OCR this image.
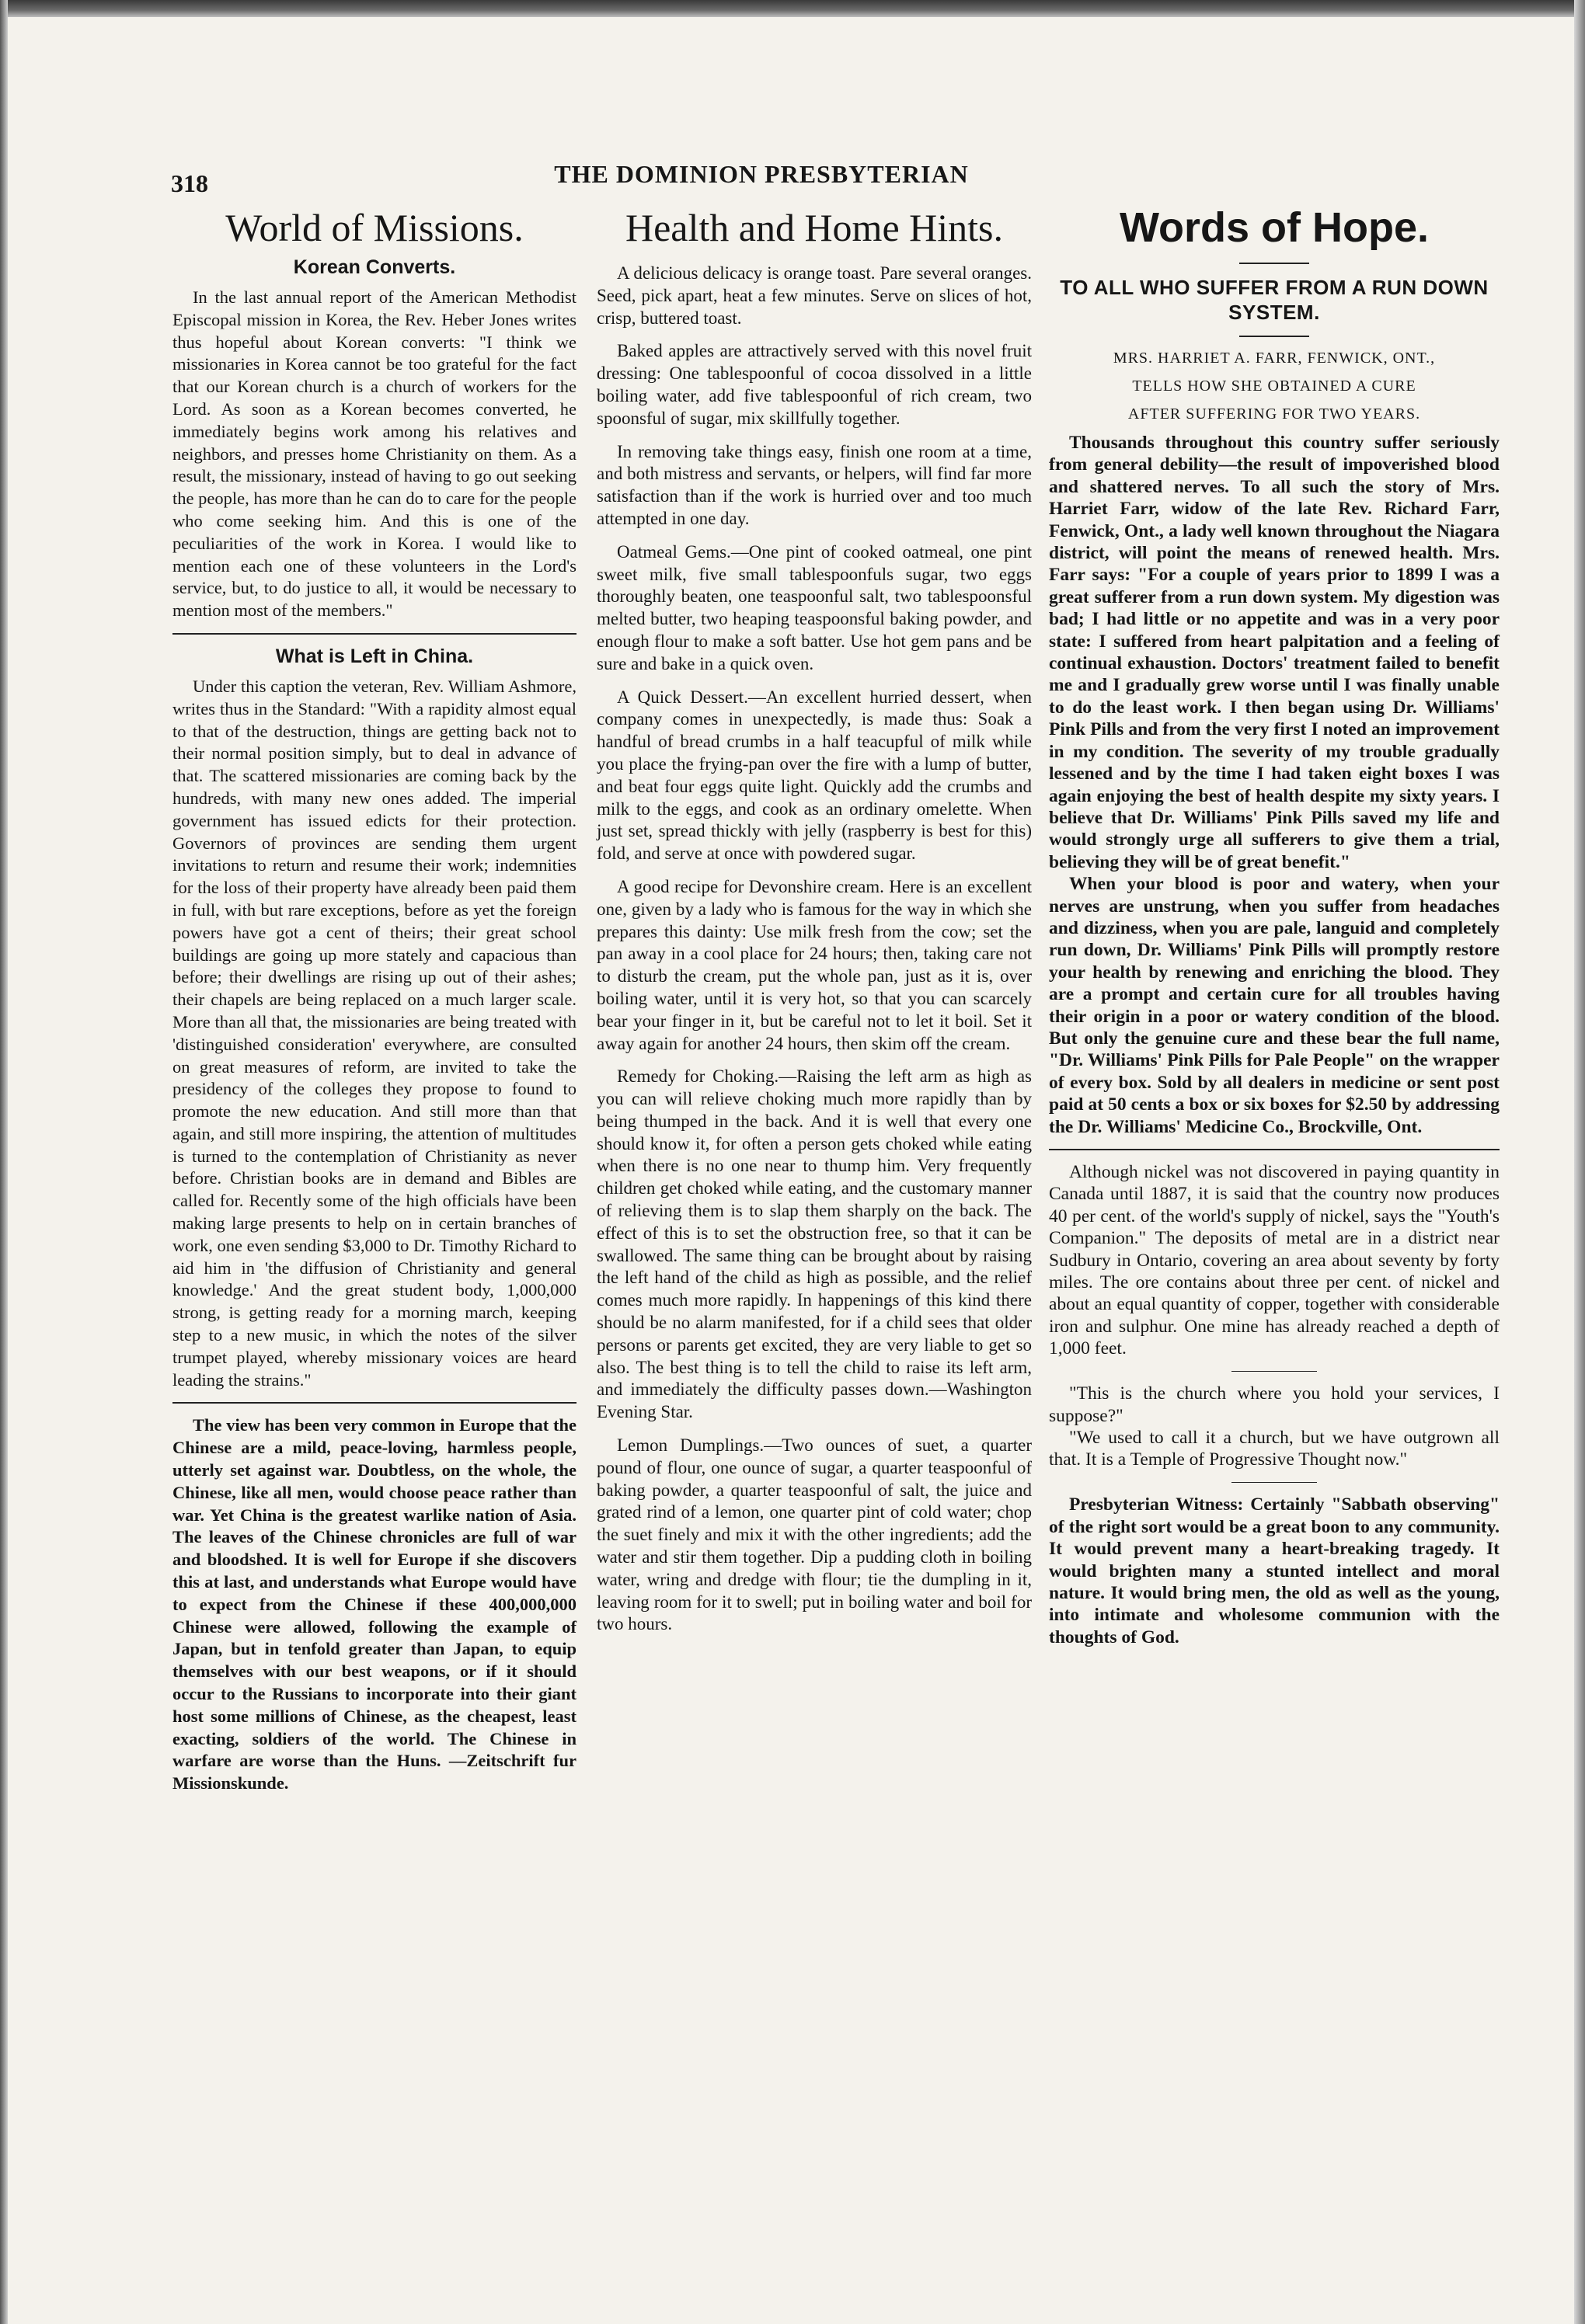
318	THE DOMINION PRESBYTERIAN
World of Missions.
Korean Converts.

In the last annual report of the American Methodist Episcopal mission in Korea, the Rev. Heber Jones writes thus hopeful about Korean converts: "I think we missionaries in Korea cannot be too grateful for the fact that our Korean church is a church of workers for the Lord. As soon as a Korean becomes converted, he immediately begins work among his relatives and neighbors, and presses home Christianity on them. As a result, the missionary, instead of having to go out seeking the people, has more than he can do to care for the people who come seeking him. And this is one of the peculiarities of the work in Korea. I would like to mention each one of these volunteers in the Lord's service, but, to do justice to all, it would be necessary to mention most of the members."

What is Left in China.

Under this caption the veteran, Rev. William Ashmore, writes thus in the Standard: "With a rapidity almost equal to that of the destruction, things are getting back not to their normal position simply, but to deal in advance of that. The scattered missionaries are coming back by the hundreds, with many new ones added. The imperial government has issued edicts for their protection. Governors of provinces are sending them urgent invitations to return and resume their work; indemnities for the loss of their property have already been paid them in full, with but rare exceptions, before as yet the foreign powers have got a cent of theirs; their great school buildings are going up more stately and capacious than before; their dwellings are rising up out of their ashes; their chapels are being replaced on a much larger scale. More than all that, the missionaries are being treated with 'distinguished consideration' everywhere, are consulted on great measures of reform, are invited to take the presidency of the colleges they propose to found to promote the new education. And still more than that again, and still more inspiring, the attention of multitudes is turned to the contemplation of Christianity as never before. Christian books are in demand and Bibles are called for. Recently some of the high officials have been making large presents to help on in certain branches of work, one even sending $3,000 to Dr. Timothy Richard to aid him in 'the diffusion of Christianity and general knowledge.' And the great student body, 1,000,000 strong, is getting ready for a morning march, keeping step to a new music, in which the notes of the silver trumpet played, whereby missionary voices are heard leading the strains."

The view has been very common in Europe that the Chinese are a mild, peace-loving, harmless people, utterly set against war. Doubtless, on the whole, the Chinese, like all men, would choose peace rather than war. Yet China is the greatest warlike nation of Asia. The leaves of the Chinese chronicles are full of war and bloodshed. It is well for Europe if she discovers this at last, and understands what Europe would have to expect from the Chinese if these 400,000,000 Chinese were allowed, following the example of Japan, but in tenfold greater than Japan, to equip themselves with our best weapons, or if it should occur to the Russians to incorporate into their giant host some millions of Chinese, as the cheapest, least exacting, soldiers of the world. The Chinese in warfare are worse than the Huns. —Zeitschrift fur Missionskunde.

Health and Home Hints.

A delicious delicacy is orange toast. Pare several oranges. Seed, pick apart, heat a few minutes. Serve on slices of hot, crisp, buttered toast.

Baked apples are attractively served with this novel fruit dressing: One tablespoonful of cocoa dissolved in a little boiling water, add five tablespoonful of rich cream, two spoonsful of sugar, mix skillfully together.

In removing take things easy, finish one room at a time, and both mistress and servants, or helpers, will find far more satisfaction than if the work is hurried over and too much attempted in one day.

Oatmeal Gems.—One pint of cooked oatmeal, one pint sweet milk, five small tablespoonfuls sugar, two eggs thoroughly beaten, one teaspoonful salt, two tablespoonsful melted butter, two heaping teaspoonsful baking powder, and enough flour to make a soft batter. Use hot gem pans and be sure and bake in a quick oven.

A Quick Dessert.—An excellent hurried dessert, when company comes in unexpectedly, is made thus: Soak a handful of bread crumbs in a half teacupful of milk while you place the frying-pan over the fire with a lump of butter, and beat four eggs quite light. Quickly add the crumbs and milk to the eggs, and cook as an ordinary omelette. When just set, spread thickly with jelly (raspberry is best for this) fold, and serve at once with powdered sugar.

A good recipe for Devonshire cream. Here is an excellent one, given by a lady who is famous for the way in which she prepares this dainty: Use milk fresh from the cow; set the pan away in a cool place for 24 hours; then, taking care not to disturb the cream, put the whole pan, just as it is, over boiling water, until it is very hot, so that you can scarcely bear your finger in it, but be careful not to let it boil. Set it away again for another 24 hours, then skim off the cream.

Remedy for Choking.—Raising the left arm as high as you can will relieve choking much more rapidly than by being thumped in the back. And it is well that every one should know it, for often a person gets choked while eating when there is no one near to thump him. Very frequently children get choked while eating, and the customary manner of relieving them is to slap them sharply on the back. The effect of this is to set the obstruction free, so that it can be swallowed. The same thing can be brought about by raising the left hand of the child as high as possible, and the relief comes much more rapidly. In happenings of this kind there should be no alarm manifested, for if a child sees that older persons or parents get excited, they are very liable to get so also. The best thing is to tell the child to raise its left arm, and immediately the difficulty passes down.—Washington Evening Star.

Lemon Dumplings.—Two ounces of suet, a quarter pound of flour, one ounce of sugar, a quarter teaspoonful of baking powder, a quarter teaspoonful of salt, the juice and grated rind of a lemon, one quarter pint of cold water; chop the suet finely and mix it with the other ingredients; add the water and stir them together. Dip a pudding cloth in boiling water, wring and dredge with flour; tie the dumpling in it, leaving room for it to swell; put in boiling water and boil for two hours.

Words of Hope.
TO ALL WHO SUFFER FROM A RUN DOWN SYSTEM.
MRS. HARRIET A. FARR, FENWICK, ONT.,
TELLS HOW SHE OBTAINED A CURE
AFTER SUFFERING FOR TWO YEARS.

Thousands throughout this country suffer seriously from general debility—the result of impoverished blood and shattered nerves. To all such the story of Mrs. Harriet Farr, widow of the late Rev. Richard Farr, Fenwick, Ont., a lady well known throughout the Niagara district, will point the means of renewed health. Mrs. Farr says: "For a couple of years prior to 1899 I was a great sufferer from a run down system. My digestion was bad; I had little or no appetite and was in a very poor state: I suffered from heart palpitation and a feeling of continual exhaustion. Doctors' treatment failed to benefit me and I gradually grew worse until I was finally unable to do the least work. I then began using Dr. Williams' Pink Pills and from the very first I noted an improvement in my condition. The severity of my trouble gradually lessened and by the time I had taken eight boxes I was again enjoying the best of health despite my sixty years. I believe that Dr. Williams' Pink Pills saved my life and would strongly urge all sufferers to give them a trial, believing they will be of great benefit."

When your blood is poor and watery, when your nerves are unstrung, when you suffer from headaches and dizziness, when you are pale, languid and completely run down, Dr. Williams' Pink Pills will promptly restore your health by renewing and enriching the blood. They are a prompt and certain cure for all troubles having their origin in a poor or watery condition of the blood. But only the genuine cure and these bear the full name, "Dr. Williams' Pink Pills for Pale People" on the wrapper of every box. Sold by all dealers in medicine or sent post paid at 50 cents a box or six boxes for $2.50 by addressing the Dr. Williams' Medicine Co., Brockville, Ont.

Although nickel was not discovered in paying quantity in Canada until 1887, it is said that the country now produces 40 per cent. of the world's supply of nickel, says the "Youth's Companion." The deposits of metal are in a district near Sudbury in Ontario, covering an area about seventy by forty miles. The ore contains about three per cent. of nickel and about an equal quantity of copper, together with considerable iron and sulphur. One mine has already reached a depth of 1,000 feet.

"This is the church where you hold your services, I suppose?"

"We used to call it a church, but we have outgrown all that. It is a Temple of Progressive Thought now."

Presbyterian Witness: Certainly "Sabbath observing" of the right sort would be a great boon to any community. It would prevent many a heart-breaking tragedy. It would brighten many a stunted intellect and moral nature. It would bring men, the old as well as the young, into intimate and wholesome communion with the thoughts of God.
